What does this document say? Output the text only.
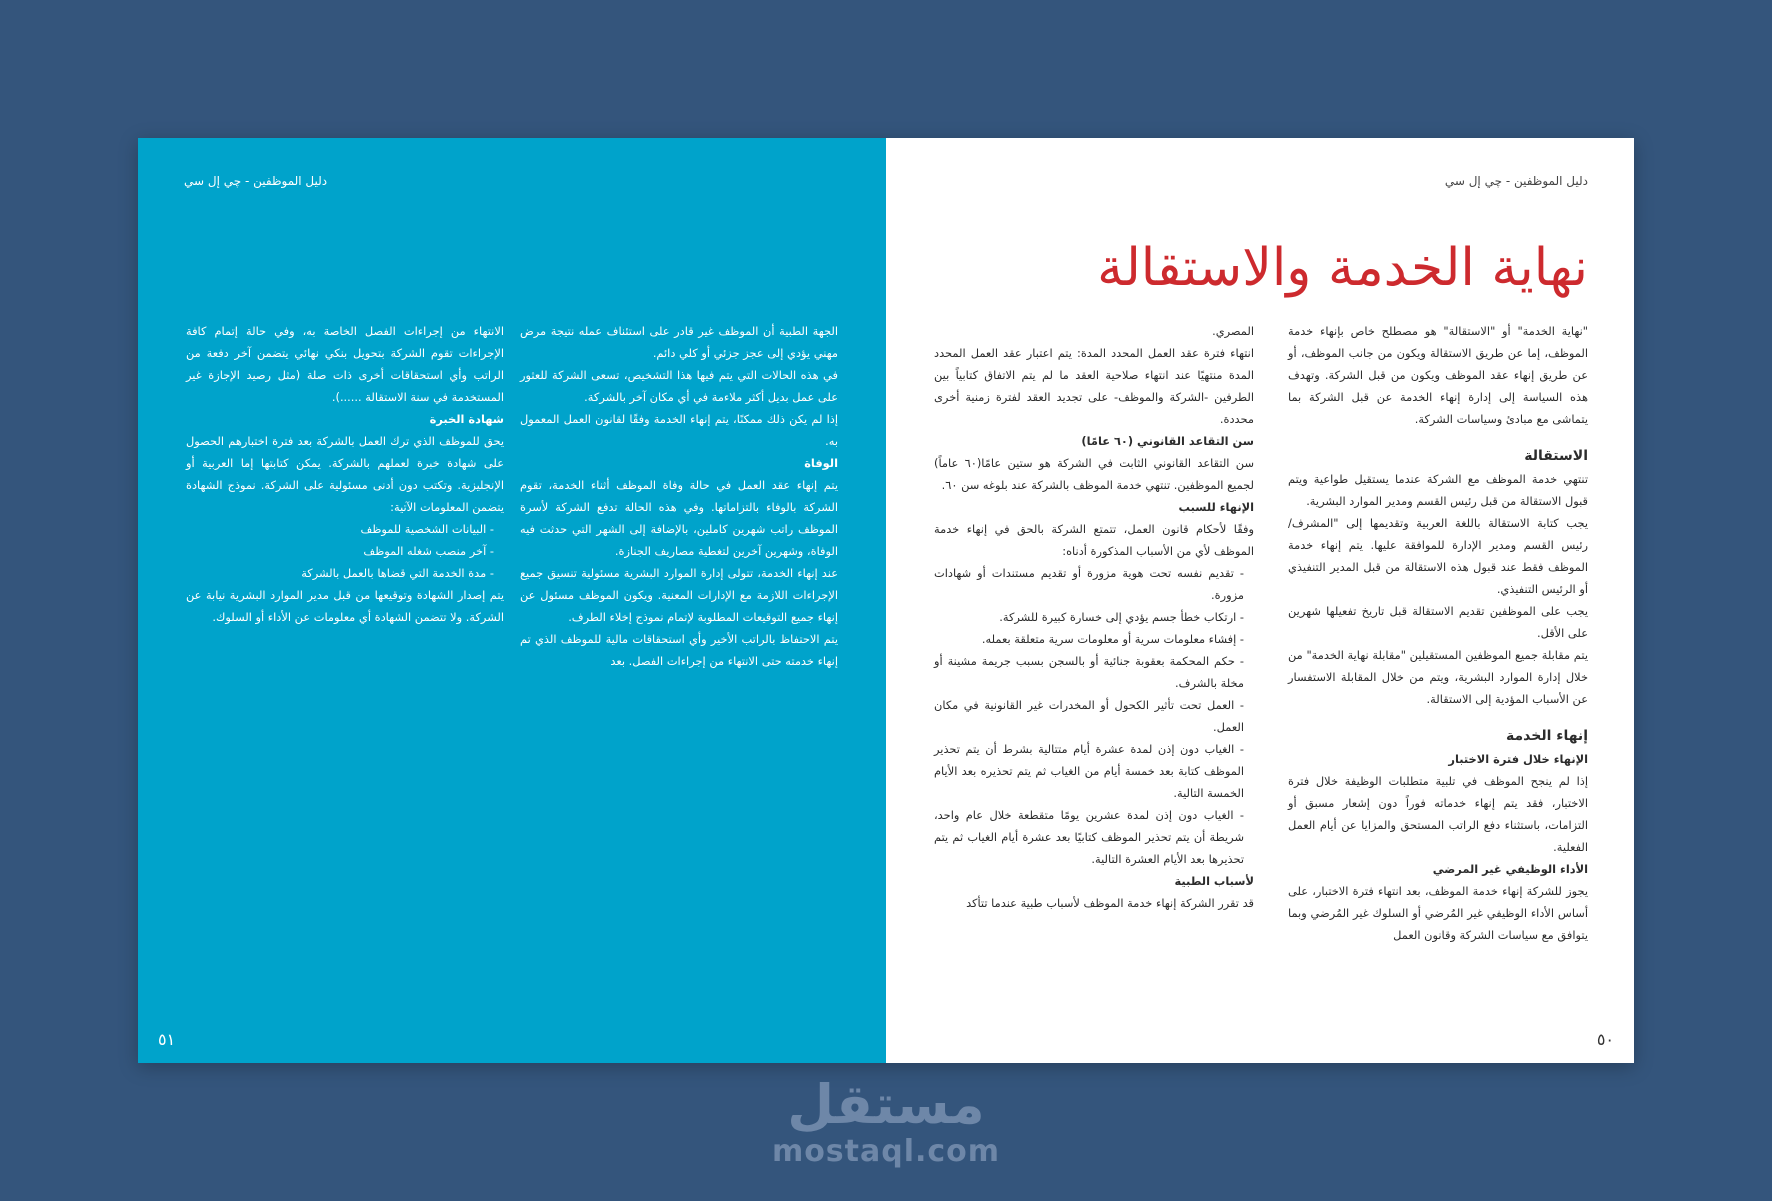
دليل الموظفين - چي إل سي

الجهة الطبية أن الموظف غير قادر على استئناف عمله نتيجة مرض مهني يؤدي إلى عجز جزئي أو كلي دائم.

في هذه الحالات التي يتم فيها هذا التشخيص، تسعى الشركة للعثور على عمل بديل أكثر ملاءمة في أي مكان آخر بالشركة.

إذا لم يكن ذلك ممكنًا، يتم إنهاء الخدمة وفقًا لقانون العمل المعمول به.

الوفاة

يتم إنهاء عقد العمل في حالة وفاة الموظف أثناء الخدمة، تقوم الشركة بالوفاء بالتزاماتها. وفي هذه الحالة تدفع الشركة لأسرة الموظف راتب شهرين كاملين، بالإضافة إلى الشهر التي حدثت فيه الوفاة، وشهرين آخرين لتغطية مصاريف الجنازة.

عند إنهاء الخدمة، تتولى إدارة الموارد البشرية مسئولية تنسيق جميع الإجراءات اللازمة مع الإدارات المعنية. ويكون الموظف مسئول عن إنهاء جميع التوقيعات المطلوبة لإتمام نموذج إخلاء الطرف.

يتم الاحتفاظ بالراتب الأخير وأي استحقاقات مالية للموظف الذي تم إنهاء خدمته حتى الانتهاء من إجراءات الفصل. بعد

الانتهاء من إجراءات الفصل الخاصة به، وفي حالة إتمام كافة الإجراءات تقوم الشركة بتحويل بنكي نهائي يتضمن آخر دفعة من الراتب وأي استحقاقات أخرى ذات صلة (مثل رصيد الإجازة غير المستخدمة في سنة الاستقالة ......).

شهادة الخبرة

يحق للموظف الذي ترك العمل بالشركة بعد فترة اختبارهم الحصول على شهادة خبرة لعملهم بالشركة. يمكن كتابتها إما العربية أو الإنجليزية. وتكتب دون أدنى مسئولية على الشركة. نموذج الشهادة يتضمن المعلومات الآتية:

- البيانات الشخصية للموظف

- آخر منصب شغله الموظف

- مدة الخدمة التي قضاها بالعمل بالشركة

يتم إصدار الشهادة وتوقيعها من قبل مدير الموارد البشرية نيابة عن الشركة. ولا تتضمن الشهادة أي معلومات عن الأداء أو السلوك.

٥١
دليل الموظفين - چي إل سي
نهاية الخدمة والاستقالة

"نهاية الخدمة" أو "الاستقالة" هو مصطلح خاص بإنهاء خدمة الموظف، إما عن طريق الاستقالة ويكون من جانب الموظف، أو عن طريق إنهاء عقد الموظف ويكون من قبل الشركة. وتهدف هذه السياسة إلى إدارة إنهاء الخدمة عن قبل الشركة بما يتماشى مع مبادئ وسياسات الشركة.

الاستقالة

تنتهي خدمة الموظف مع الشركة عندما يستقيل طواعية ويتم قبول الاستقالة من قبل رئيس القسم ومدير الموارد البشرية.

يجب كتابة الاستقالة باللغة العربية وتقديمها إلى "المشرف/ رئيس القسم ومدير الإدارة للموافقة عليها. يتم إنهاء خدمة الموظف فقط عند قبول هذه الاستقالة من قبل المدير التنفيذي أو الرئيس التنفيذي.

يجب على الموظفين تقديم الاستقالة قبل تاريخ تفعيلها شهرين على الأقل.

يتم مقابلة جميع الموظفين المستقيلين "مقابلة نهاية الخدمة" من خلال إدارة الموارد البشرية، ويتم من خلال المقابلة الاستفسار عن الأسباب المؤدية إلى الاستقالة.

إنهاء الخدمة

الإنهاء خلال فترة الاختبار

إذا لم ينجح الموظف في تلبية متطلبات الوظيفة خلال فترة الاختبار، فقد يتم إنهاء خدماته فوراً دون إشعار مسبق أو التزامات، باستثناء دفع الراتب المستحق والمزايا عن أيام العمل الفعلية.

الأداء الوظيفي غير المرضي

يجوز للشركة إنهاء خدمة الموظف، بعد انتهاء فترة الاختبار، على أساس الأداء الوظيفي غير المُرضي أو السلوك غير المُرضي وبما يتوافق مع سياسات الشركة وقانون العمل

المصري.

انتهاء فترة عقد العمل المحدد المدة: يتم اعتبار عقد العمل المحدد المدة منتهيًا عند انتهاء صلاحية العقد ما لم يتم الاتفاق كتابياً بين الطرفين -الشركة والموظف- على تجديد العقد لفترة زمنية أخرى محددة.

سن التقاعد القانوني (٦٠ عامًا)

سن التقاعد القانوني الثابت في الشركة هو ستين عامًا(٦٠ عاماً) لجميع الموظفين. تنتهي خدمة الموظف بالشركة عند بلوغه سن ٦٠.

الإنهاء للسبب

وفقًا لأحكام قانون العمل، تتمتع الشركة بالحق في إنهاء خدمة الموظف لأي من الأسباب المذكورة أدناه:

- تقديم نفسه تحت هوية مزورة أو تقديم مستندات أو شهادات مزورة.

- ارتكاب خطأ جسم يؤدي إلى خسارة كبيرة للشركة.

- إفشاء معلومات سرية أو معلومات سرية متعلقة بعمله.

- حكم المحكمة بعقوبة جنائية أو بالسجن بسبب جريمة مشينة أو مخلة بالشرف.

- العمل تحت تأثير الكحول أو المخدرات غير القانونية في مكان العمل.

- الغياب دون إذن لمدة عشرة أيام متتالية بشرط أن يتم تحذير الموظف كتابة بعد خمسة أيام من الغياب ثم يتم تحذيره بعد الأيام الخمسة التالية.

- الغياب دون إذن لمدة عشرين يومًا متقطعة خلال عام واحد، شريطة أن يتم تحذير الموظف كتابيًا بعد عشرة أيام الغياب ثم يتم تحذيرها بعد الأيام العشرة التالية.

لأسباب الطبية

قد تقرر الشركة إنهاء خدمة الموظف لأسباب طبية عندما تتأكد

٥٠
مستقل
mostaql.com
